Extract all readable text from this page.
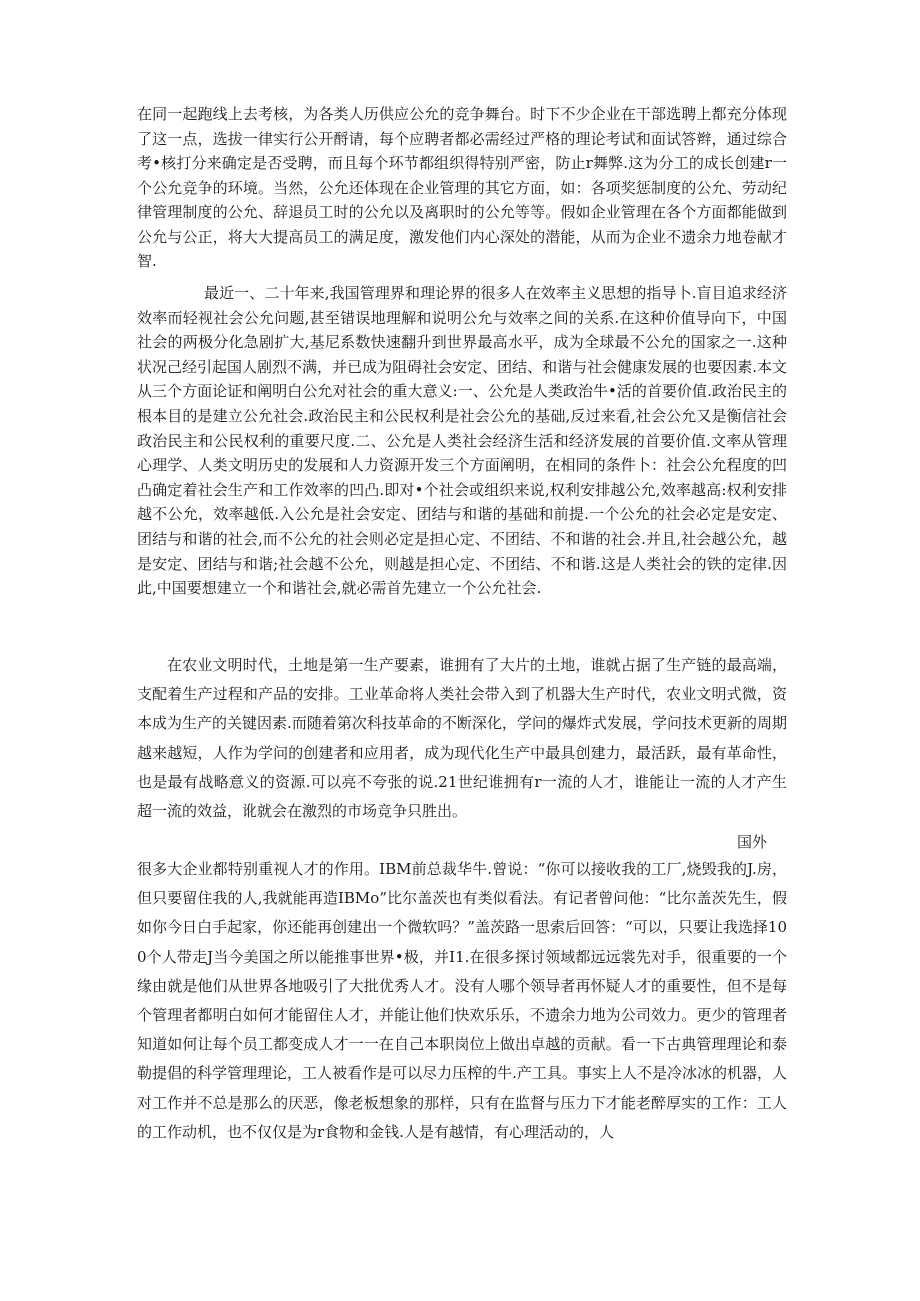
在同一起跑线上去考核，为各类人历供应公允的竞争舞台。时下不少企业在干部选聘上都充分体现了这一点，选拔一律实行公开酹请，每个应聘者都必需经过严格的理论考试和面试答辫，通过综合考•核打分来确定是否受聘，而且每个环节都组织得特别严密，防止r舞弊.这为分工的成长创建r一个公允竞争的环境。当然，公允还体现在企业管理的其它方面，如：各项奖惩制度的公允、劳动纪律管理制度的公允、辞退员工时的公允以及离职时的公允等等。假如企业管理在各个方面都能做到公允与公正，将大大提高员工的满足度，激发他们内心深处的潜能，从而为企业不遗余力地卷献才智.

最近一、二十年来,我国管理界和理论界的很多人在效率主义思想的指导卜.盲目追求经济效率而轻视社会公允问题,甚至错误地理解和说明公允与效率之间的关系.在这种价值导向下，中国社会的两极分化急剧扩大,基尼系数快速翻升到世界最高水平，成为全球最不公允的国家之一.这种状况己经引起国人剧烈不满，并已成为阻碍社会安定、团结、和谐与社会健康发展的也要因素.本文从三个方面论证和阐明白公允对社会的重大意义:一、公允是人类政治牛•活的首要价值.政治民主的根本目的是建立公允社会.政治民主和公民权利是社会公允的基础,反过来看,社会公允又是衡信社会政治民主和公民权利的重要尺度.二、公允是人类社会经济生活和经济发展的首要价值.文率从管理心理学、人类文明历史的发展和人力资源开发三个方面阐明，在相同的条件卜：社会公允程度的凹凸确定着社会生产和工作效率的凹凸.即对•个社会或组织来说,权利安排越公允,效率越高:权利安排越不公允，效率越低.入公允是社会安定、团结与和谐的基础和前提.一个公允的社会必定是安定、团结与和谐的社会,而不公允的社会则必定是担心定、不团结、不和谐的社会.并且,社会越公允，越是安定、团结与和谐;社会越不公允，则越是担心定、不团结、不和谐.这是人类社会的铁的定律.因此,中国要想建立一个和谐社会,就必需首先建立一个公允社会.

在农业文明时代，土地是第一生产要素，谁拥有了大片的土地，谁就占据了生产链的最高端，支配着生产过程和产品的安排。工业革命将人类社会带入到了机器大生产时代，农业文明式微，资本成为生产的关键因素.而随着第次科技革命的不断深化，学问的爆炸式发展，学问技术更新的周期越来越短，人作为学问的创建者和应用者，成为现代化生产中最具创建力，最活跃，最有革命性，也是最有战略意义的资源.可以亮不夸张的说.21世纪谁拥有r一流的人才，谁能让一流的人才产生超一流的效益，讹就会在激烈的市场竞争只胜出。

国外

很多大企业都特别重视人才的作用。IBM前总裁华牛.曾说：“你可以接收我的工厂,烧毁我的J.房，但只要留住我的人,我就能再造IBMo”比尔盖茨也有类似看法。有记者曾问他：“比尔盖茨先生，假如你今日白手起家，你还能再创建出一个微软吗？”盖茨路一思索后回答：“可以，只要让我选择100个人带走J当今美国之所以能推事世界•极，并I1.在很多探讨领域都远远裳先对手，很重要的一个缘由就是他们从世界各地吸引了大批优秀人才。没有人哪个领导者再怀疑人才的重要性，但不是每个管理者都明白如何才能留住人才，并能让他们快欢乐乐，不遗余力地为公司效力。更少的管理者知道如何让每个员工都变成人才一一在自己本职岗位上做出卓越的贡献。看一下古典管理理论和泰勒提倡的科学管理理论，工人被看作是可以尽力压榨的牛.产工具。事实上人不是冷冰冰的机器，人对工作并不总是那么的厌恶，像老板想象的那样，只有在监督与压力下才能老醉厚实的工作：工人的工作动机，也不仅仅是为r食物和金钱.人是有越情，有心理活动的，人
